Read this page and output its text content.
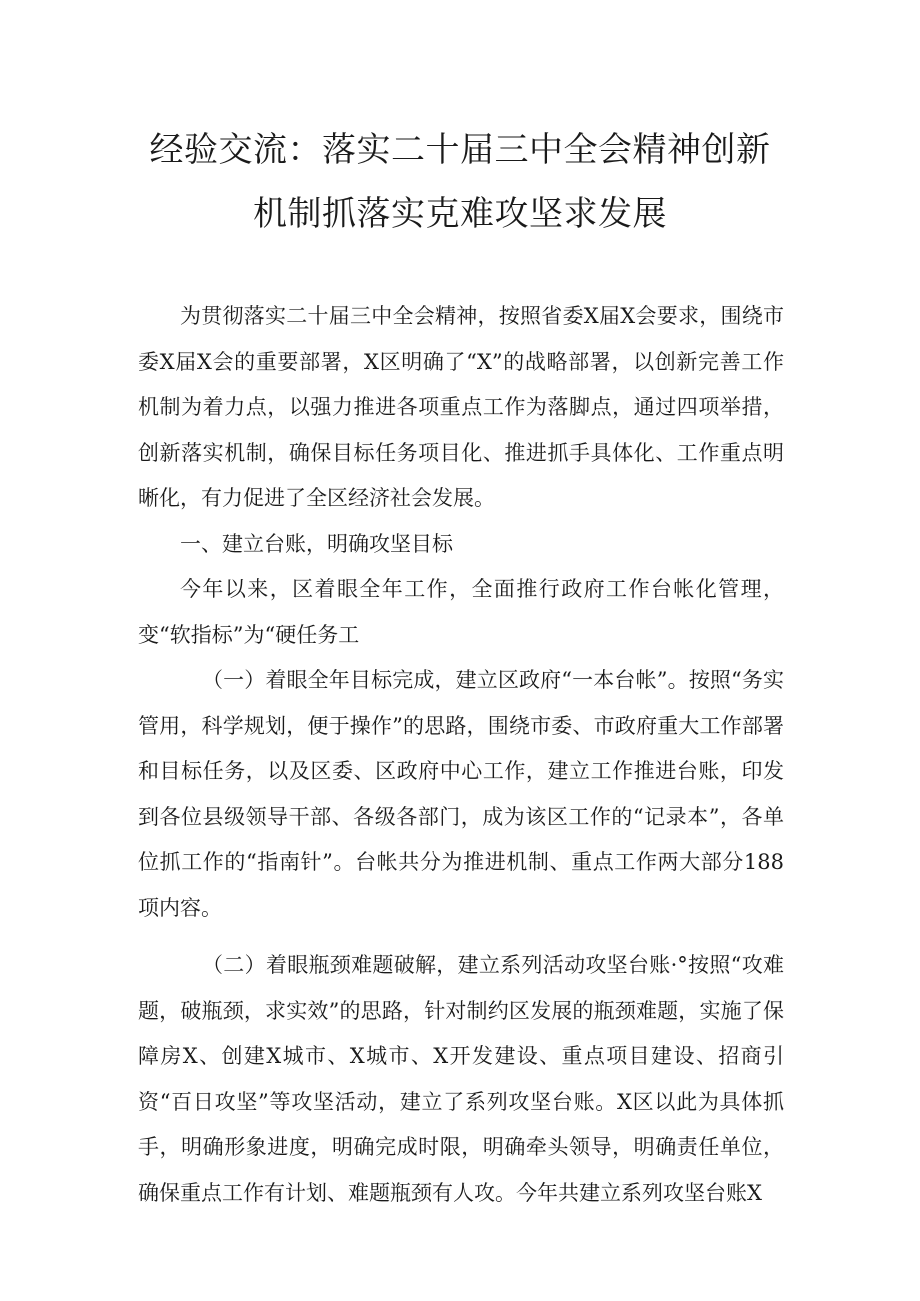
经验交流：落实二十届三中全会精神创新
机制抓落实克难攻坚求发展

为贯彻落实二十届三中全会精神，按照省委X届X会要求，围绕市委X届X会的重要部署，X区明确了“X”的战略部署，以创新完善工作机制为着力点，以强力推进各项重点工作为落脚点，通过四项举措，创新落实机制，确保目标任务项目化、推进抓手具体化、工作重点明晰化，有力促进了全区经济社会发展。

一、建立台账，明确攻坚目标

今年以来，区着眼全年工作，全面推行政府工作台帐化管理，变“软指标”为“硬任务工

（一）着眼全年目标完成，建立区政府“一本台帐”。按照“务实管用，科学规划，便于操作”的思路，围绕市委、市政府重大工作部署和目标任务，以及区委、区政府中心工作，建立工作推进台账，印发到各位县级领导干部、各级各部门，成为该区工作的“记录本”，各单位抓工作的“指南针”。台帐共分为推进机制、重点工作两大部分188项内容。

（二）着眼瓶颈难题破解，建立系列活动攻坚台账·°按照“攻难题，破瓶颈，求实效”的思路，针对制约区发展的瓶颈难题，实施了保障房X、创建X城市、X城市、X开发建设、重点项目建设、招商引资“百日攻坚”等攻坚活动，建立了系列攻坚台账。X区以此为具体抓手，明确形象进度，明确完成时限，明确牵头领导，明确责任单位，确保重点工作有计划、难题瓶颈有人攻。今年共建立系列攻坚台账X
